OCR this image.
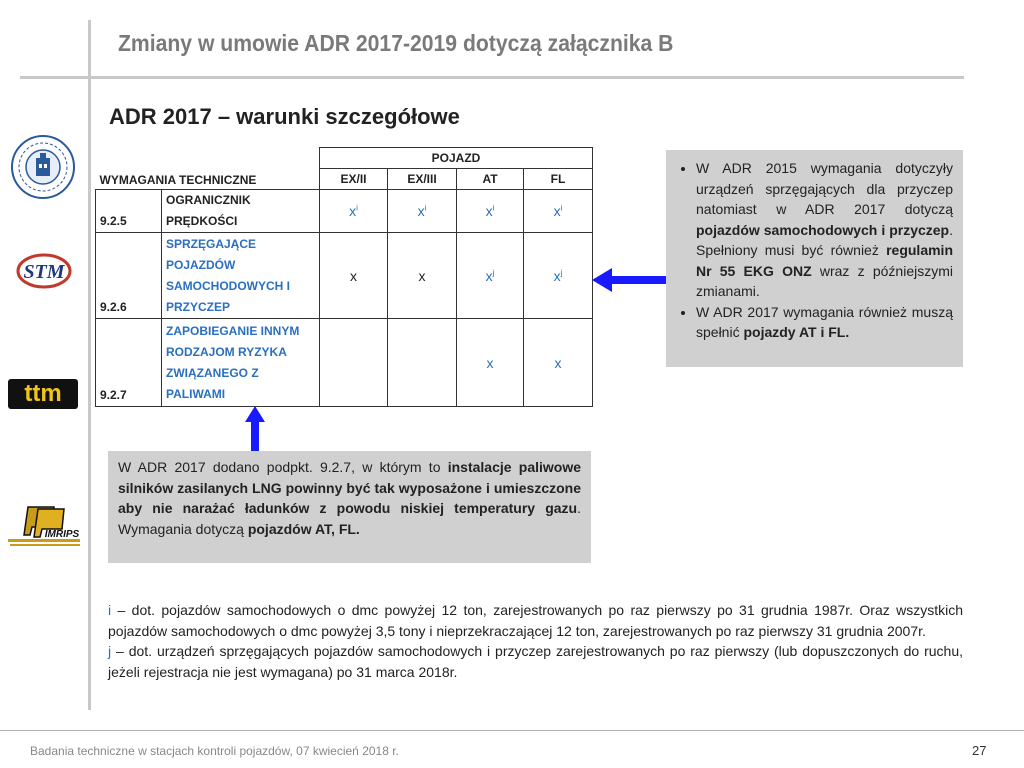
Zmiany w umowie ADR 2017-2019 dotyczą załącznika B
ADR 2017 – warunki szczegółowe
STM
ttm
IMRIPS
WYMAGANIA TECHNICZNE		POJAZD			
		EX/II	EX/III	AT	FL
9.2.5	OGRANICZNIK PRĘDKOŚCI	$x^i$	$x^i$	$x^i$	$x^i$
9.2.6	SPRZĘGAJĄCE POJAZDÓW SAMOCHODOWYCH I PRZYCZEP	x	x	$x^j$	$x^j$
9.2.7	ZAPOBIEGANIE INNYM RODZAJOM RYZYKA ZWIĄZANEGO Z PALIWAMI			x	x
• W ADR 2015 wymagania dotyczyły urządzeń sprzęgających dla przyczep natomiast w ADR 2017 dotyczą pojazdów samochodowych i przyczep. Spełniony musi być również regulamin Nr 55 EKG ONZ wraz z późniejszymi zmianami.
• W ADR 2017 wymagania również muszą spełnić pojazdy AT i FL.
W ADR 2017 dodano podpkt. 9.2.7, w którym to instalacje paliwowe silników zasilanych LNG powinny być tak wyposażone i umieszczone aby nie narażać ładunków z powodu niskiej temperatury gazu. Wymagania dotyczą pojazdów AT, FL.
i – dot. pojazdów samochodowych o dmc powyżej 12 ton, zarejestrowanych po raz pierwszy po 31 grudnia 1987r. Oraz wszystkich pojazdów samochodowych o dmc powyżej 3,5 tony i nieprzekraczającej 12 ton, zarejestrowanych po raz pierwszy 31 grudnia 2007r.
j – dot. urządzeń sprzęgających pojazdów samochodowych i przyczep zarejestrowanych po raz pierwszy (lub dopuszczonych do ruchu, jeżeli rejestracja nie jest wymagana) po 31 marca 2018r.
Badania techniczne w stacjach kontroli pojazdów, 07 kwiecień 2018 r.	27
